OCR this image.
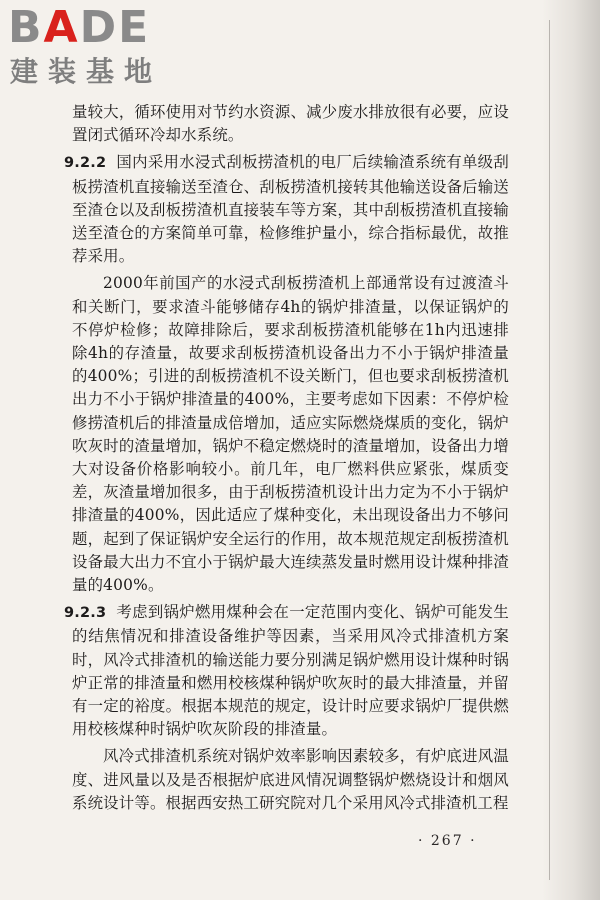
BADE
建装基地

量较大，循环使用对节约水资源、减少废水排放很有必要，应设置闭式循环冷却水系统。

9.2.2 国内采用水浸式刮板捞渣机的电厂后续输渣系统有单级刮板捞渣机直接输送至渣仓、刮板捞渣机接转其他输送设备后输送至渣仓以及刮板捞渣机直接装车等方案，其中刮板捞渣机直接输送至渣仓的方案简单可靠，检修维护量小，综合指标最优，故推荐采用。

2000年前国产的水浸式刮板捞渣机上部通常设有过渡渣斗和关断门，要求渣斗能够储存4h的锅炉排渣量，以保证锅炉的不停炉检修；故障排除后，要求刮板捞渣机能够在1h内迅速排除4h的存渣量，故要求刮板捞渣机设备出力不小于锅炉排渣量的400%；引进的刮板捞渣机不设关断门，但也要求刮板捞渣机出力不小于锅炉排渣量的400%，主要考虑如下因素：不停炉检修捞渣机后的排渣量成倍增加，适应实际燃烧煤质的变化，锅炉吹灰时的渣量增加，锅炉不稳定燃烧时的渣量增加，设备出力增大对设备价格影响较小。前几年，电厂燃料供应紧张，煤质变差，灰渣量增加很多，由于刮板捞渣机设计出力定为不小于锅炉排渣量的400%，因此适应了煤种变化，未出现设备出力不够问题，起到了保证锅炉安全运行的作用，故本规范规定刮板捞渣机设备最大出力不宜小于锅炉最大连续蒸发量时燃用设计煤种排渣量的400%。

9.2.3 考虑到锅炉燃用煤种会在一定范围内变化、锅炉可能发生的结焦情况和排渣设备维护等因素，当采用风冷式排渣机方案时，风冷式排渣机的输送能力要分别满足锅炉燃用设计煤种时锅炉正常的排渣量和燃用校核煤种锅炉吹灰时的最大排渣量，并留有一定的裕度。根据本规范的规定，设计时应要求锅炉厂提供燃用校核煤种时锅炉吹灰阶段的排渣量。

风冷式排渣机系统对锅炉效率影响因素较多，有炉底进风温度、进风量以及是否根据炉底进风情况调整锅炉燃烧设计和烟风系统设计等。根据西安热工研究院对几个采用风冷式排渣机工程

· 267 ·
